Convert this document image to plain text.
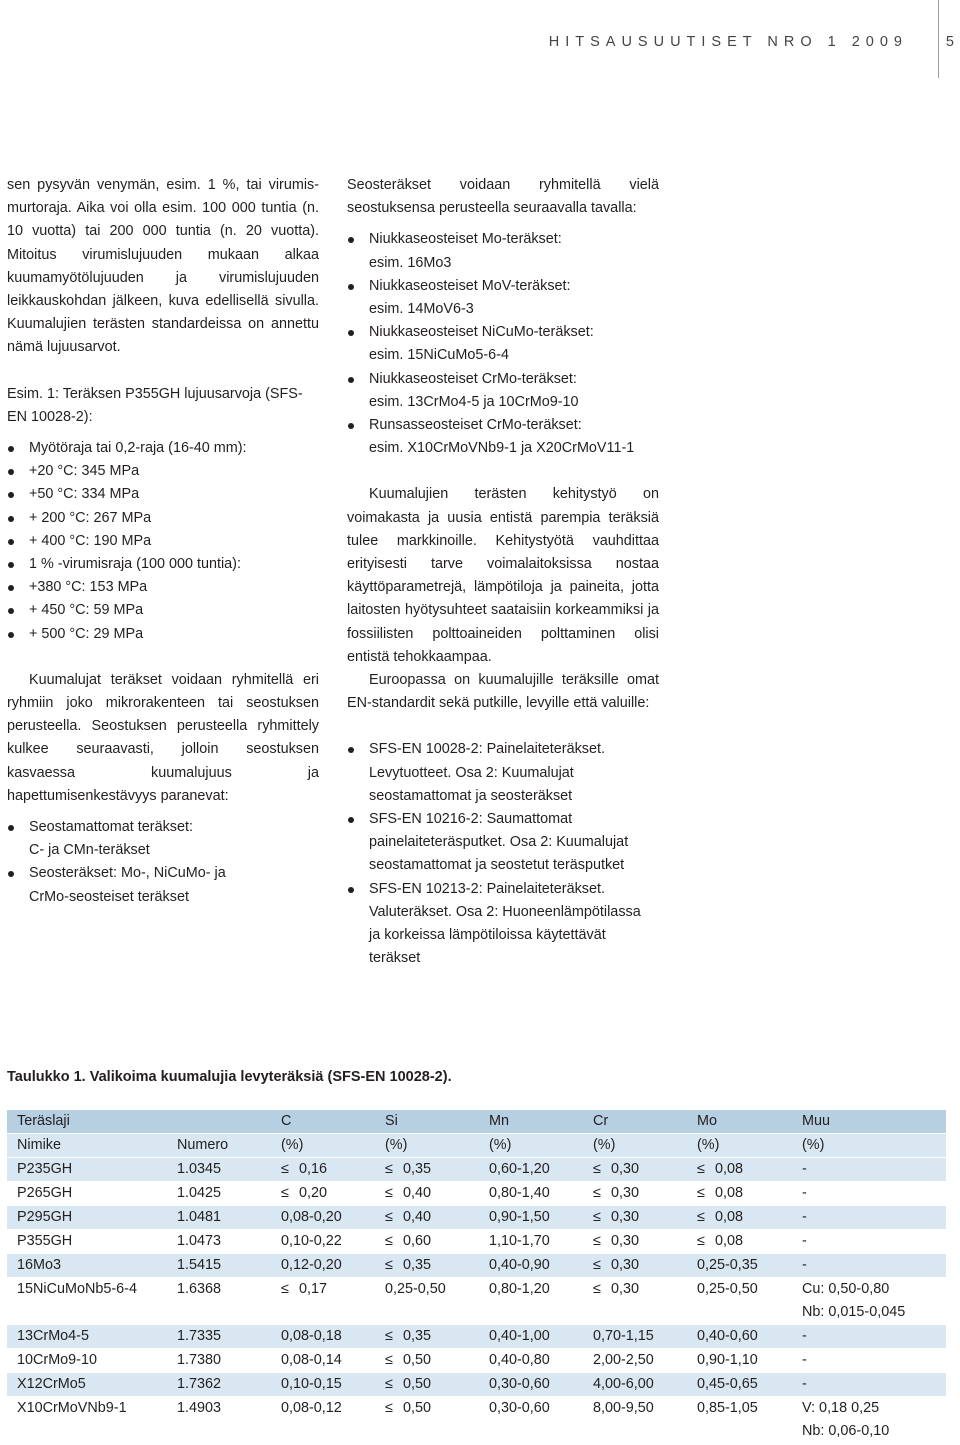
HITSAUSUUTISET NRO 1 2009	5

sen pysyvän venymän, esim. 1 %, tai virumis-murtoraja. Aika voi olla esim. 100 000 tuntia (n. 10 vuotta) tai 200 000 tuntia (n. 20 vuotta). Mitoitus virumislujuuden mukaan alkaa kuumamyötölujuuden ja virumislujuuden leikkauskohdan jälkeen, kuva edellisellä sivulla. Kuumalujien terästen standardeissa on annettu nämä lujuusarvot.

Esim. 1: Teräksen P355GH lujuusarvoja (SFS-EN 10028-2):

Myötöraja tai 0,2-raja (16-40 mm):
+20 °C: 345 MPa
+50 °C: 334 MPa
+ 200 °C: 267 MPa
+ 400 °C: 190 MPa
1 % -virumisraja (100 000 tuntia):
+380 °C: 153 MPa
+ 450 °C: 59 MPa
+ 500 °C: 29 MPa

Kuumalujat teräkset voidaan ryhmitellä eri ryhmiin joko mikrorakenteen tai seostuksen perusteella. Seostuksen perusteella ryhmittely kulkee seuraavasti, jolloin seostuksen kasvaessa kuumalujuus ja hapettumisenkestävyys paranevat:

Seostamattomat teräkset:
C- ja CMn-teräkset
Seosteräkset: Mo-, NiCuMo- ja
CrMo-seosteiset teräkset

Seosteräkset voidaan ryhmitellä vielä seostuksensa perusteella seuraavalla tavalla:

Niukkaseosteiset Mo-teräkset:
esim. 16Mo3
Niukkaseosteiset MoV-teräkset:
esim. 14MoV6-3
Niukkaseosteiset NiCuMo-teräkset:
esim. 15NiCuMo5-6-4
Niukkaseosteiset CrMo-teräkset:
esim. 13CrMo4-5 ja 10CrMo9-10
Runsasseosteiset CrMo-teräkset:
esim. X10CrMoVNb9-1 ja X20CrMoV11-1

Kuumalujien terästen kehitystyö on voimakasta ja uusia entistä parempia teräksiä tulee markkinoille. Kehitystyötä vauhdittaa erityisesti tarve voimalaitoksissa nostaa käyttöparametrejä, lämpötiloja ja paineita, jotta laitosten hyötysuhteet saataisiin korkeammiksi ja fossiilisten polttoaineiden polttaminen olisi entistä tehokkaampaa.

Euroopassa on kuumalujille teräksille omat EN-standardit sekä putkille, levyille että valuille:

SFS-EN 10028-2: Painelaiteteräkset. Levytuotteet. Osa 2: Kuumalujat seostamattomat ja seosteräkset
SFS-EN 10216-2: Saumattomat painelaiteteräsputket. Osa 2: Kuumalujat seostamattomat ja seostetut teräsputket
SFS-EN 10213-2: Painelaiteteräkset. Valuteräkset. Osa 2: Huoneenlämpötilassa ja korkeissa lämpötiloissa käytettävät teräkset
Taulukko 1. Valikoima kuumalujia levyteräksiä (SFS-EN 10028-2).
Teräslaji		C	Si	Mn	Cr	Mo	Muu
Nimike	Numero	(%)	(%)	(%)	(%)	(%)	(%)
P235GH	1.0345	≤ 0,16	≤ 0,35	0,60-1,20	≤ 0,30	≤ 0,08	-
P265GH	1.0425	≤ 0,20	≤ 0,40	0,80-1,40	≤ 0,30	≤ 0,08	-
P295GH	1.0481	0,08-0,20	≤ 0,40	0,90-1,50	≤ 0,30	≤ 0,08	-
P355GH	1.0473	0,10-0,22	≤ 0,60	1,10-1,70	≤ 0,30	≤ 0,08	-
16Mo3	1.5415	0,12-0,20	≤ 0,35	0,40-0,90	≤ 0,30	0,25-0,35	-
15NiCuMoNb5-6-4	1.6368	≤ 0,17	0,25-0,50	0,80-1,20	≤ 0,30	0,25-0,50	Cu: 0,50-0,80
Nb: 0,015-0,045
13CrMo4-5	1.7335	0,08-0,18	≤ 0,35	0,40-1,00	0,70-1,15	0,40-0,60	-
10CrMo9-10	1.7380	0,08-0,14	≤ 0,50	0,40-0,80	2,00-2,50	0,90-1,10	-
X12CrMo5	1.7362	0,10-0,15	≤ 0,50	0,30-0,60	4,00-6,00	0,45-0,65	-
X10CrMoVNb9-1	1.4903	0,08-0,12	≤ 0,50	0,30-0,60	8,00-9,50	0,85-1,05	V: 0,18 0,25
Nb: 0,06-0,10
